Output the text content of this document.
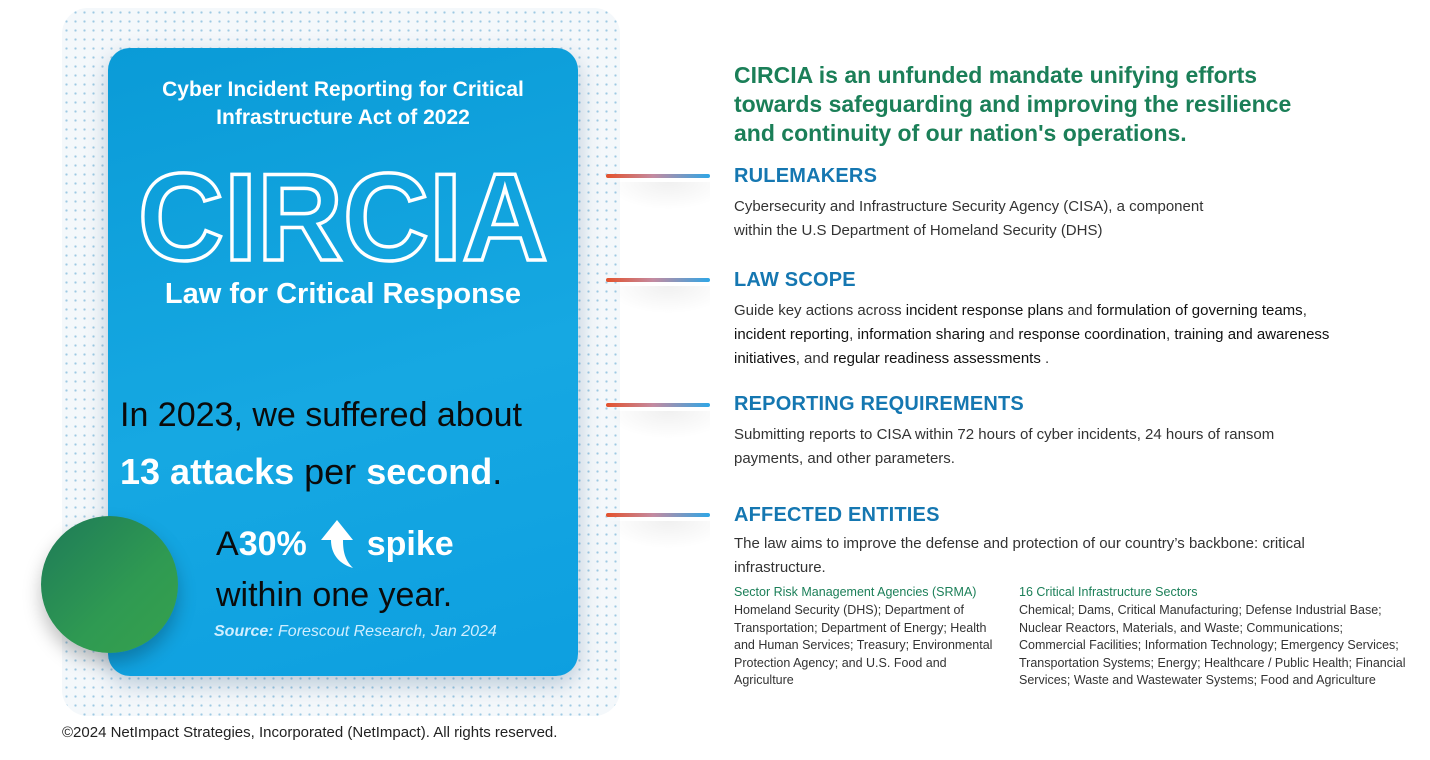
Cyber Incident Reporting for Critical
Infrastructure Act of 2022
CIRCIA
Law for Critical Response
In 2023, we suffered about
13 attacks per second.
A 30% spike
within one year.
Source: Forescout Research, Jan 2024
©2024 NetImpact Strategies, Incorporated (NetImpact). All rights reserved.
CIRCIA is an unfunded mandate unifying efforts
towards safeguarding and improving the resilience
and continuity of our nation's operations.
RULEMAKERS
Cybersecurity and Infrastructure Security Agency (CISA), a component
within the U.S Department of Homeland Security (DHS)
LAW SCOPE
Guide key actions across incident response plans and formulation of governing teams, incident reporting, information sharing and response coordination, training and awareness initiatives, and regular readiness assessments .
REPORTING REQUIREMENTS
Submitting reports to CISA within 72 hours of cyber incidents, 24 hours of ransom payments, and other parameters.
AFFECTED ENTITIES
The law aims to improve the defense and protection of our country’s backbone: critical infrastructure.
Sector Risk Management Agencies (SRMA)
Homeland Security (DHS); Department of Transportation; Department of Energy; Health and Human Services; Treasury; Environmental Protection Agency; and U.S. Food and Agriculture
16 Critical Infrastructure Sectors
Chemical; Dams, Critical Manufacturing; Defense Industrial Base; Nuclear Reactors, Materials, and Waste; Communications; Commercial Facilities; Information Technology; Emergency Services; Transportation Systems; Energy; Healthcare / Public Health; Financial Services; Waste and Wastewater Systems; Food and Agriculture
